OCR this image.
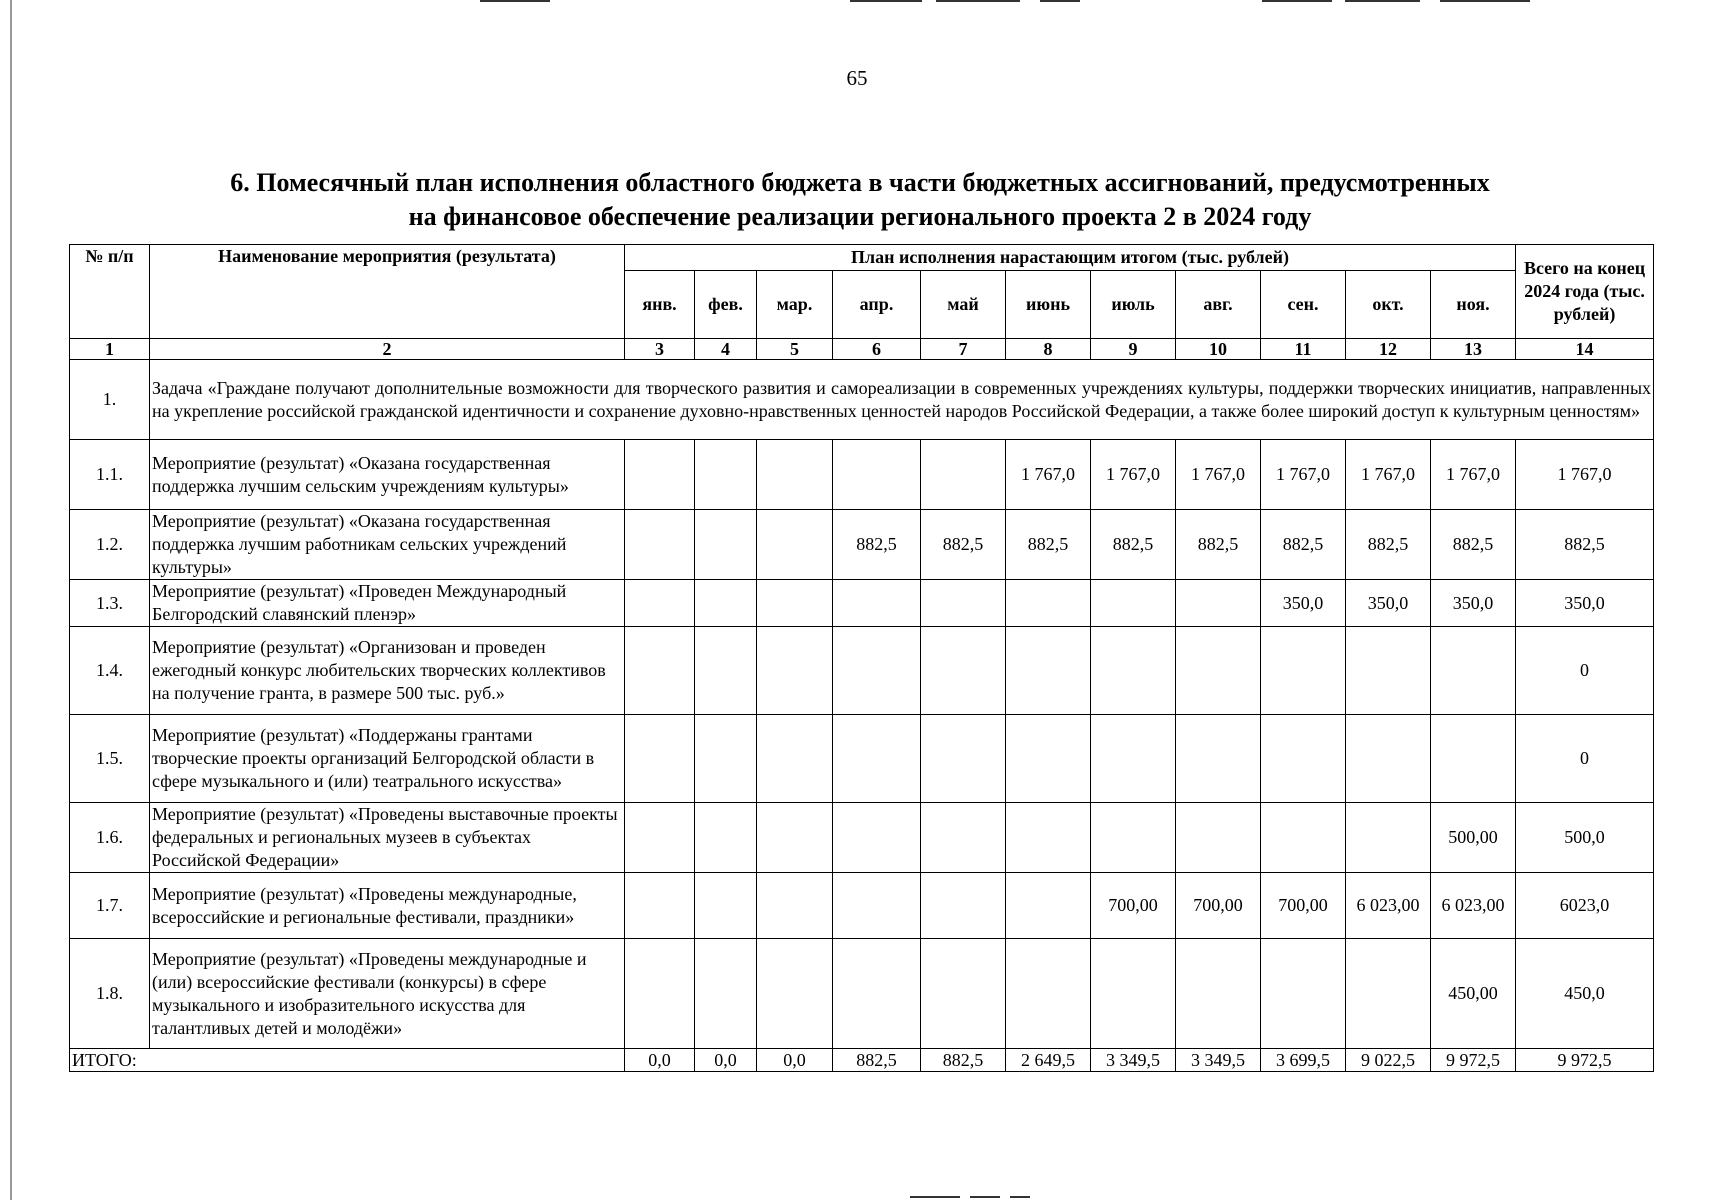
65
6. Помесячный план исполнения областного бюджета в части бюджетных ассигнований, предусмотренных
на финансовое обеспечение реализации регионального проекта 2 в 2024 году
№ п/п	Наименование мероприятия (результата)	План исполнения нарастающим итогом (тыс. рублей)											Всего на конец 2024 года (тыс. рублей)
		янв.	фев.	мар.	апр.	май	июнь	июль	авг.	сен.	окт.	ноя.	
1	2	3	4	5	6	7	8	9	10	11	12	13	14
1.	Задача «Граждане получают дополнительные возможности для творческого развития и самореализации в современных учреждениях культуры, поддержки творческих инициатив, направленных на укрепление российской гражданской идентичности и сохранение духовно-нравственных ценностей народов Российской Федерации, а также более широкий доступ к культурным ценностям»												
1.1.	Мероприятие (результат) «Оказана государственная поддержка лучшим сельским учреждениям культуры»						1 767,0	1 767,0	1 767,0	1 767,0	1 767,0	1 767,0	1 767,0
1.2.	Мероприятие (результат) «Оказана государственная поддержка лучшим работникам сельских учреждений культуры»				882,5	882,5	882,5	882,5	882,5	882,5	882,5	882,5	882,5
1.3.	Мероприятие (результат) «Проведен Международный Белгородский славянский пленэр»									350,0	350,0	350,0	350,0
1.4.	Мероприятие (результат) «Организован и проведен ежегодный конкурс любительских творческих коллективов на получение гранта, в размере 500 тыс. руб.»												0
1.5.	Мероприятие (результат) «Поддержаны грантами творческие проекты организаций Белгородской области в сфере музыкального и (или) театрального искусства»												0
1.6.	Мероприятие (результат) «Проведены выставочные проекты федеральных и региональных музеев в субъектах Российской Федерации»											500,00	500,0
1.7.	Мероприятие (результат) «Проведены международные, всероссийские и региональные фестивали, праздники»							700,00	700,00	700,00	6 023,00	6 023,00	6023,0
1.8.	Мероприятие (результат) «Проведены международные и (или) всероссийские фестивали (конкурсы) в сфере музыкального и изобразительного искусства для талантливых детей и молодёжи»											450,00	450,0
ИТОГО:		0,0	0,0	0,0	882,5	882,5	2 649,5	3 349,5	3 349,5	3 699,5	9 022,5	9 972,5	9 972,5
